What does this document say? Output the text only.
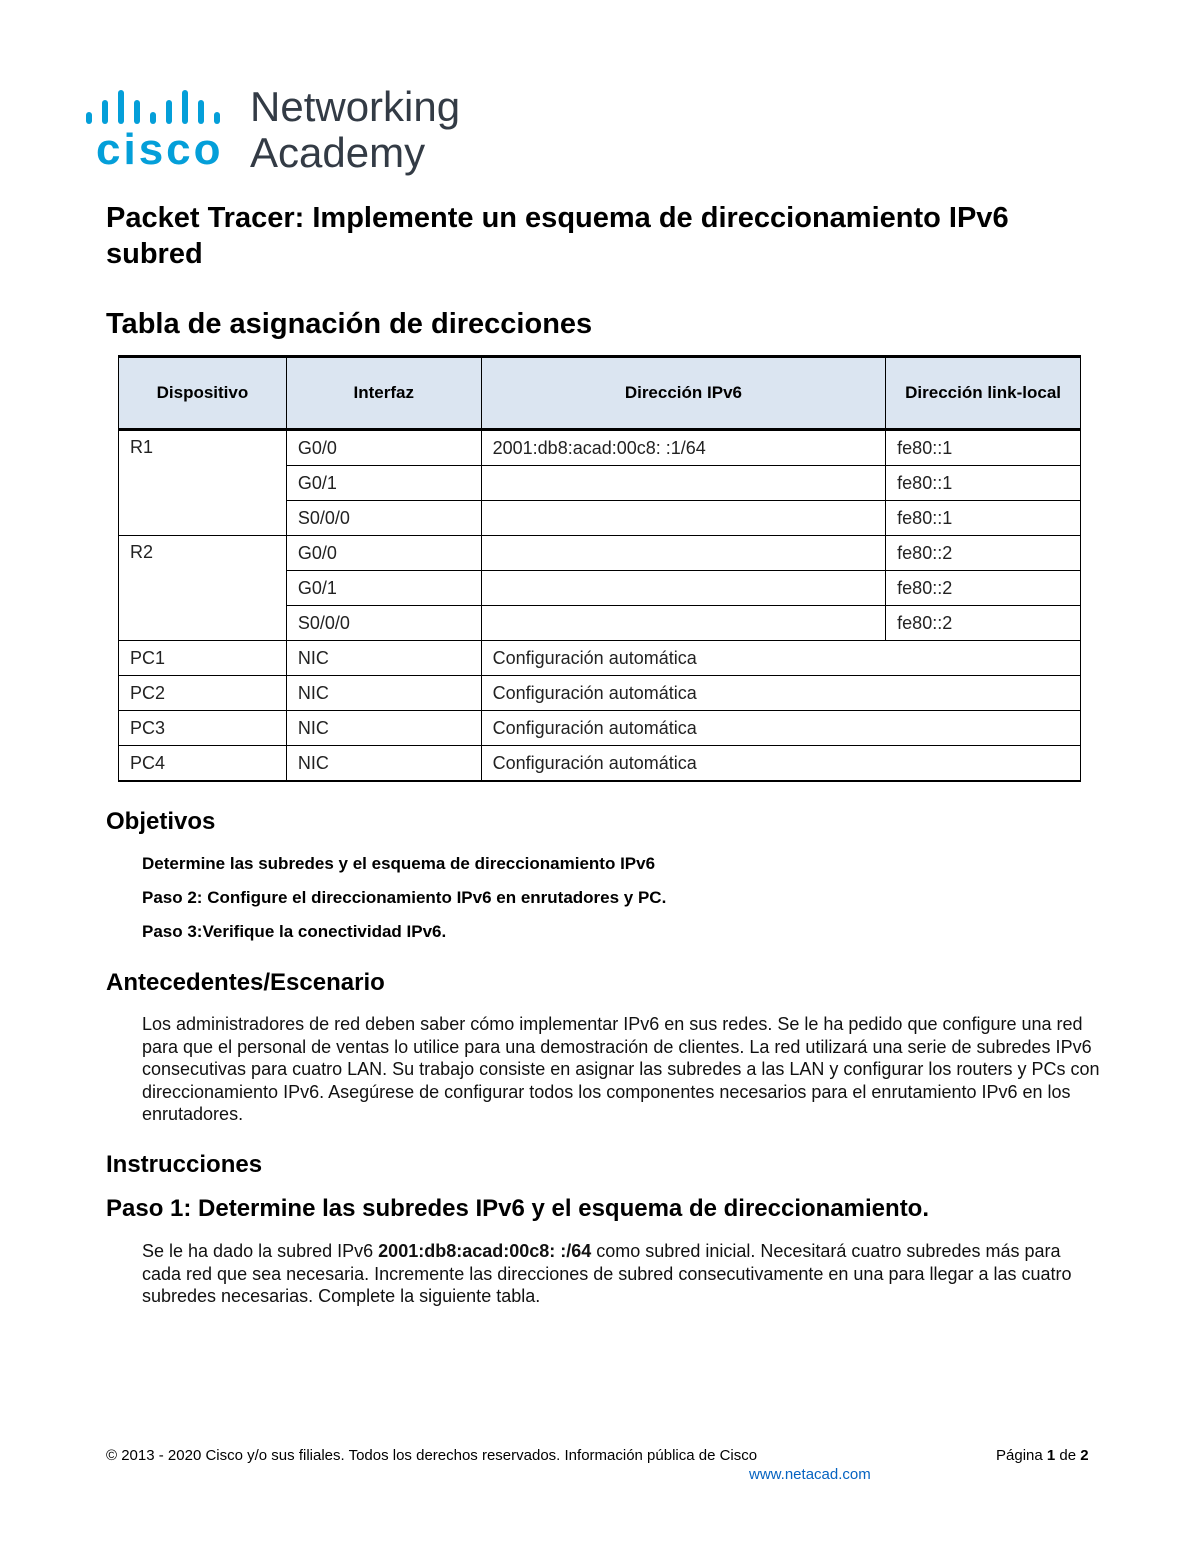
cisco
Networking
Academy
Packet Tracer: Implemente un esquema de direccionamiento IPv6 subred
Tabla de asignación de direcciones
Dispositivo	Interfaz	Dirección IPv6	Dirección link-local
R1	G0/0	2001:db8:acad:00c8: :1/64	fe80::1
	G0/1		fe80::1
	S0/0/0		fe80::1
R2	G0/0		fe80::2
	G0/1		fe80::2
	S0/0/0		fe80::2
PC1	NIC	Configuración automática	
PC2	NIC	Configuración automática	
PC3	NIC	Configuración automática	
PC4	NIC	Configuración automática	
Objetivos

Determine las subredes y el esquema de direccionamiento IPv6

Paso 2: Configure el direccionamiento IPv6 en enrutadores y PC.

Paso 3:Verifique la conectividad IPv6.

Antecedentes/Escenario

Los administradores de red deben saber cómo implementar IPv6 en sus redes. Se le ha pedido que configure una red para que el personal de ventas lo utilice para una demostración de clientes. La red utilizará una serie de subredes IPv6 consecutivas para cuatro LAN. Su trabajo consiste en asignar las subredes a las LAN y configurar los routers y PCs con direccionamiento IPv6. Asegúrese de configurar todos los componentes necesarios para el enrutamiento IPv6 en los enrutadores.

Instrucciones
Paso 1: Determine las subredes IPv6 y el esquema de direccionamiento.

Se le ha dado la subred IPv6 2001:db8:acad:00c8: :/64 como subred inicial. Necesitará cuatro subredes más para cada red que sea necesaria. Incremente las direcciones de subred consecutivamente en una para llegar a las cuatro subredes necesarias. Complete la siguiente tabla.

© 2013 - 2020 Cisco y/o sus filiales. Todos los derechos reservados. Información pública de Cisco	Página 1 de 2
www.netacad.com
